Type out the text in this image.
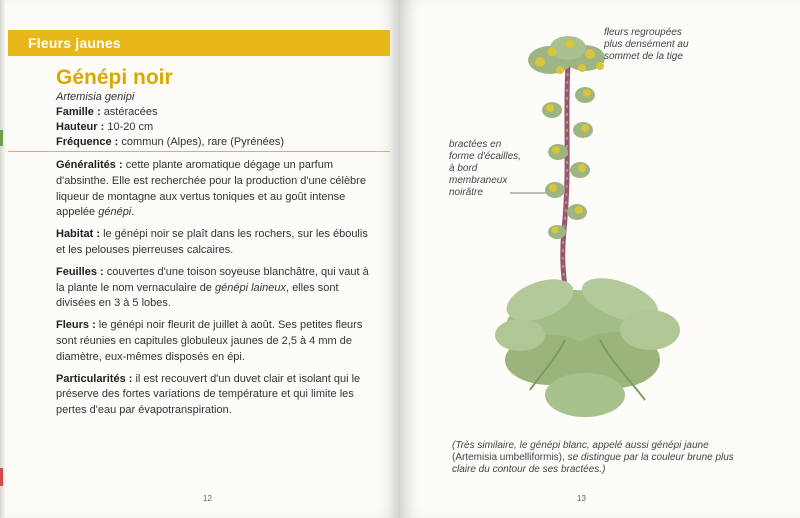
Fleurs jaunes
Génépi noir
Artemisia genipi
Famille : astéracées
Hauteur : 10-20 cm
Fréquence : commun (Alpes), rare (Pyrénées)

Généralités : cette plante aromatique dégage un parfum d'absinthe. Elle est recherchée pour la production d'une célèbre liqueur de montagne aux vertus toniques et au goût intense appelée génépi.

Habitat : le génépi noir se plaît dans les rochers, sur les éboulis et les pelouses pierreuses calcaires.

Feuilles : couvertes d'une toison soyeuse blanchâtre, qui vaut à la plante le nom vernaculaire de génépi laineux, elles sont divisées en 3 à 5 lobes.

Fleurs : le génépi noir fleurit de juillet à août. Ses petites fleurs sont réunies en capitules globuleux jaunes de 2,5 à 4 mm de diamètre, eux-mêmes disposés en épi.

Particularités : il est recouvert d'un duvet clair et isolant qui le préserve des fortes variations de température et qui limite les pertes d'eau par évapotranspiration.

12	13
fleurs regroupées
plus densément au
sommet de la tige
bractées en
forme d'écailles,
à bord
membraneux
noirâtre
(Très similaire, le génépi blanc, appelé aussi génépi jaune (Artemisia umbelliformis), se distingue par la couleur brune plus claire du contour de ses bractées.)
